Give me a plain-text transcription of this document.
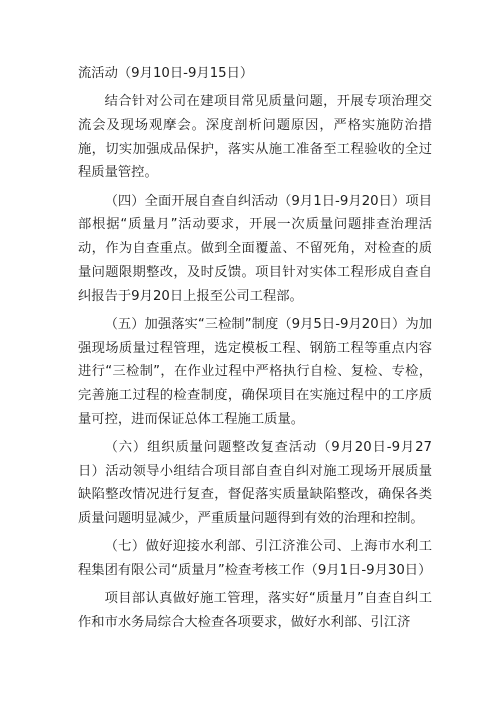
流活动（9月10日-9月15日）

结合针对公司在建项目常见质量问题，开展专项治理交流会及现场观摩会。深度剖析问题原因，严格实施防治措施，切实加强成品保护，落实从施工准备至工程验收的全过程质量管控。

（四）全面开展自查自纠活动（9月1日-9月20日）项目部根据“质量月”活动要求，开展一次质量问题排查治理活动，作为自查重点。做到全面覆盖、不留死角，对检查的质量问题限期整改，及时反馈。项目针对实体工程形成自查自纠报告于9月20日上报至公司工程部。

（五）加强落实“三检制”制度（9月5日-9月20日）为加强现场质量过程管理，选定模板工程、钢筋工程等重点内容进行“三检制”，在作业过程中严格执行自检、复检、专检，完善施工过程的检查制度，确保项目在实施过程中的工序质量可控，进而保证总体工程施工质量。

（六）组织质量问题整改复查活动（9月20日-9月27日）活动领导小组结合项目部自查自纠对施工现场开展质量缺陷整改情况进行复查，督促落实质量缺陷整改，确保各类质量问题明显减少，严重质量问题得到有效的治理和控制。

（七）做好迎接水利部、引江济淮公司、上海市水利工程集团有限公司“质量月”检查考核工作（9月1日-9月30日）

项目部认真做好施工管理，落实好“质量月”自查自纠工作和市水务局综合大检查各项要求，做好水利部、引江济
